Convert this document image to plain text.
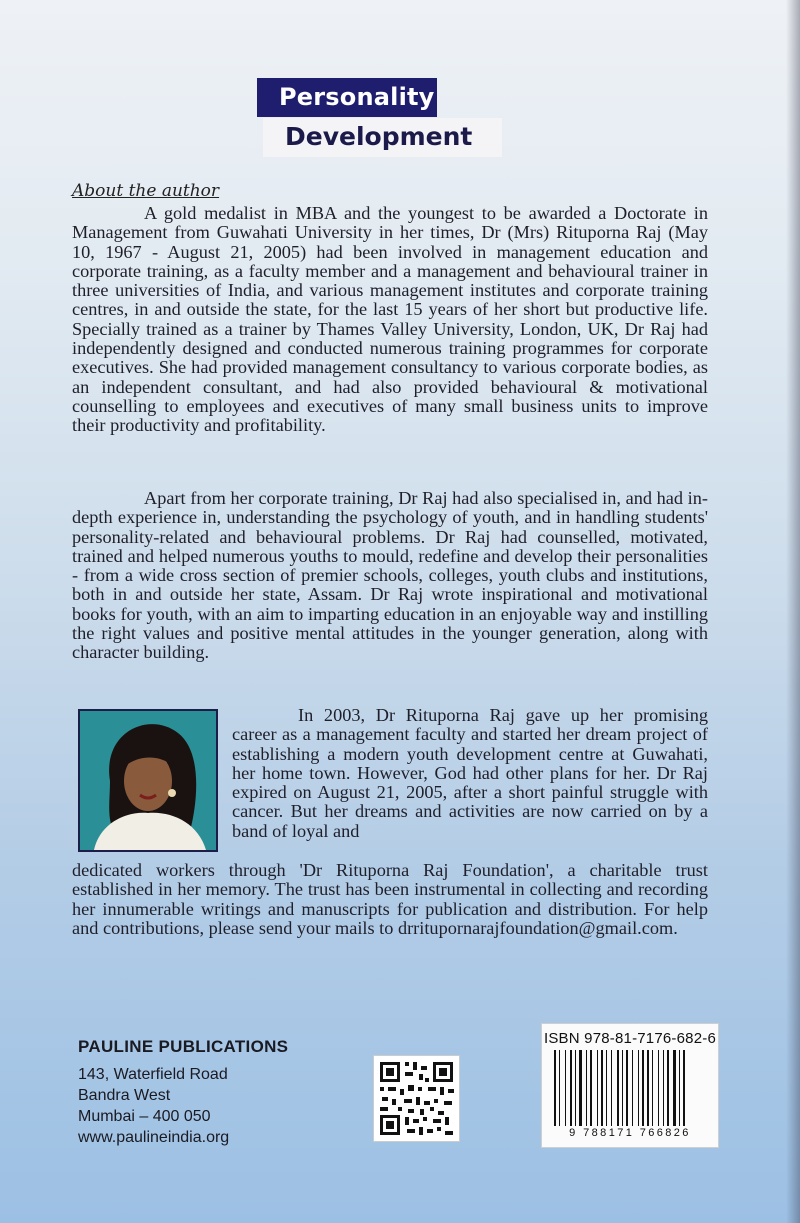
Personality
Development
About the author

A gold medalist in MBA and the youngest to be awarded a Doctorate in Management from Guwahati University in her times, Dr (Mrs) Rituporna Raj (May 10, 1967 - August 21, 2005) had been involved in management education and corporate training, as a faculty member and a management and behavioural trainer in three universities of India, and various management institutes and corporate training centres, in and outside the state, for the last 15 years of her short but productive life. Specially trained as a trainer by Thames Valley University, London, UK, Dr Raj had independently designed and conducted numerous training programmes for corporate executives. She had provided management consultancy to various corporate bodies, as an independent consultant, and had also provided behavioural & motivational counselling to employees and executives of many small business units to improve their productivity and profitability.

Apart from her corporate training, Dr Raj had also specialised in, and had in-depth experience in, understanding the psychology of youth, and in handling students' personality-related and behavioural problems. Dr Raj had counselled, motivated, trained and helped numerous youths to mould, redefine and develop their personalities - from a wide cross section of premier schools, colleges, youth clubs and institutions, both in and outside her state, Assam. Dr Raj wrote inspirational and motivational books for youth, with an aim to imparting education in an enjoyable way and instilling the right values and positive mental attitudes in the younger generation, along with character building.

In 2003, Dr Rituporna Raj gave up her promising career as a management faculty and started her dream project of establishing a modern youth development centre at Guwahati, her home town. However, God had other plans for her. Dr Raj expired on August 21, 2005, after a short painful struggle with cancer. But her dreams and activities are now carried on by a band of loyal and

dedicated workers through 'Dr Rituporna Raj Foundation', a charitable trust established in her memory. The trust has been instrumental in collecting and recording her innumerable writings and manuscripts for publication and distribution. For help and contributions, please send your mails to drrituporna​rajfoundation@gmail.com.

PAULINE PUBLICATIONS
143, Waterfield Road
Bandra West
Mumbai – 400 050
www.paulineindia.org
ISBN 978-81-7176-682-6
9 788171 766826
